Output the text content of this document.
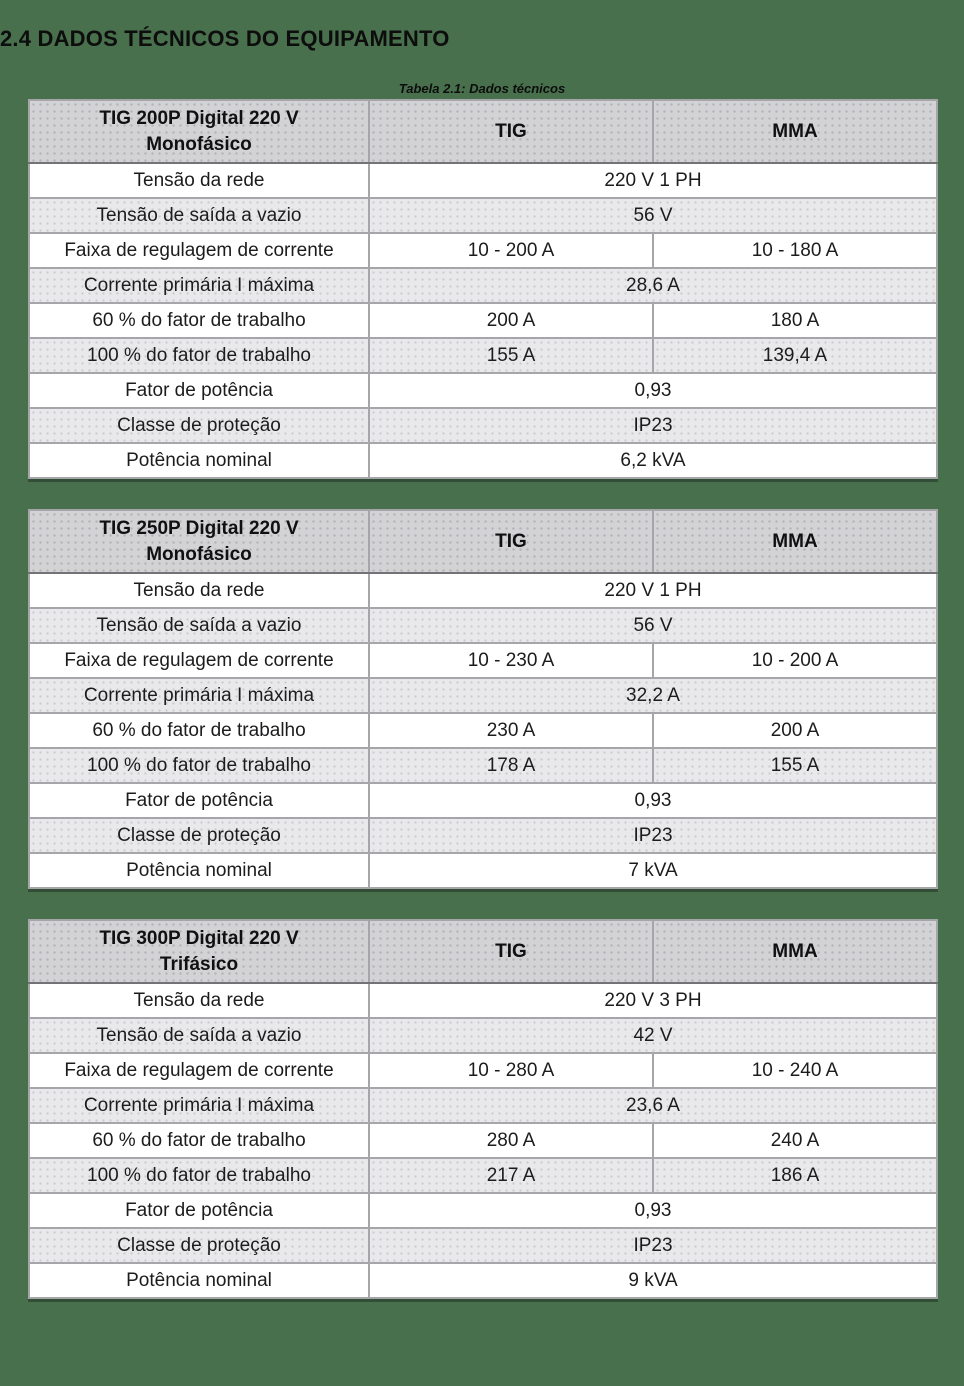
2.4 DADOS TÉCNICOS DO EQUIPAMENTO
Tabela 2.1: Dados técnicos
TIG 200P Digital 220 V
Monofásico	TIG	MMA
Tensão da rede	220 V 1 PH	
Tensão de saída a vazio	56 V	
Faixa de regulagem de corrente	10 - 200 A	10 - 180 A
Corrente primária I máxima	28,6 A	
60 % do fator de trabalho	200 A	180 A
100 % do fator de trabalho	155 A	139,4 A
Fator de potência	0,93	
Classe de proteção	IP23	
Potência nominal	6,2 kVA	
TIG 250P Digital 220 V
Monofásico	TIG	MMA
Tensão da rede	220 V 1 PH	
Tensão de saída a vazio	56 V	
Faixa de regulagem de corrente	10 - 230 A	10 - 200 A
Corrente primária I máxima	32,2 A	
60 % do fator de trabalho	230 A	200 A
100 % do fator de trabalho	178 A	155 A
Fator de potência	0,93	
Classe de proteção	IP23	
Potência nominal	7 kVA	
TIG 300P Digital 220 V
Trifásico	TIG	MMA
Tensão da rede	220 V 3 PH	
Tensão de saída a vazio	42 V	
Faixa de regulagem de corrente	10 - 280 A	10 - 240 A
Corrente primária I máxima	23,6 A	
60 % do fator de trabalho	280 A	240 A
100 % do fator de trabalho	217 A	186 A
Fator de potência	0,93	
Classe de proteção	IP23	
Potência nominal	9 kVA	
